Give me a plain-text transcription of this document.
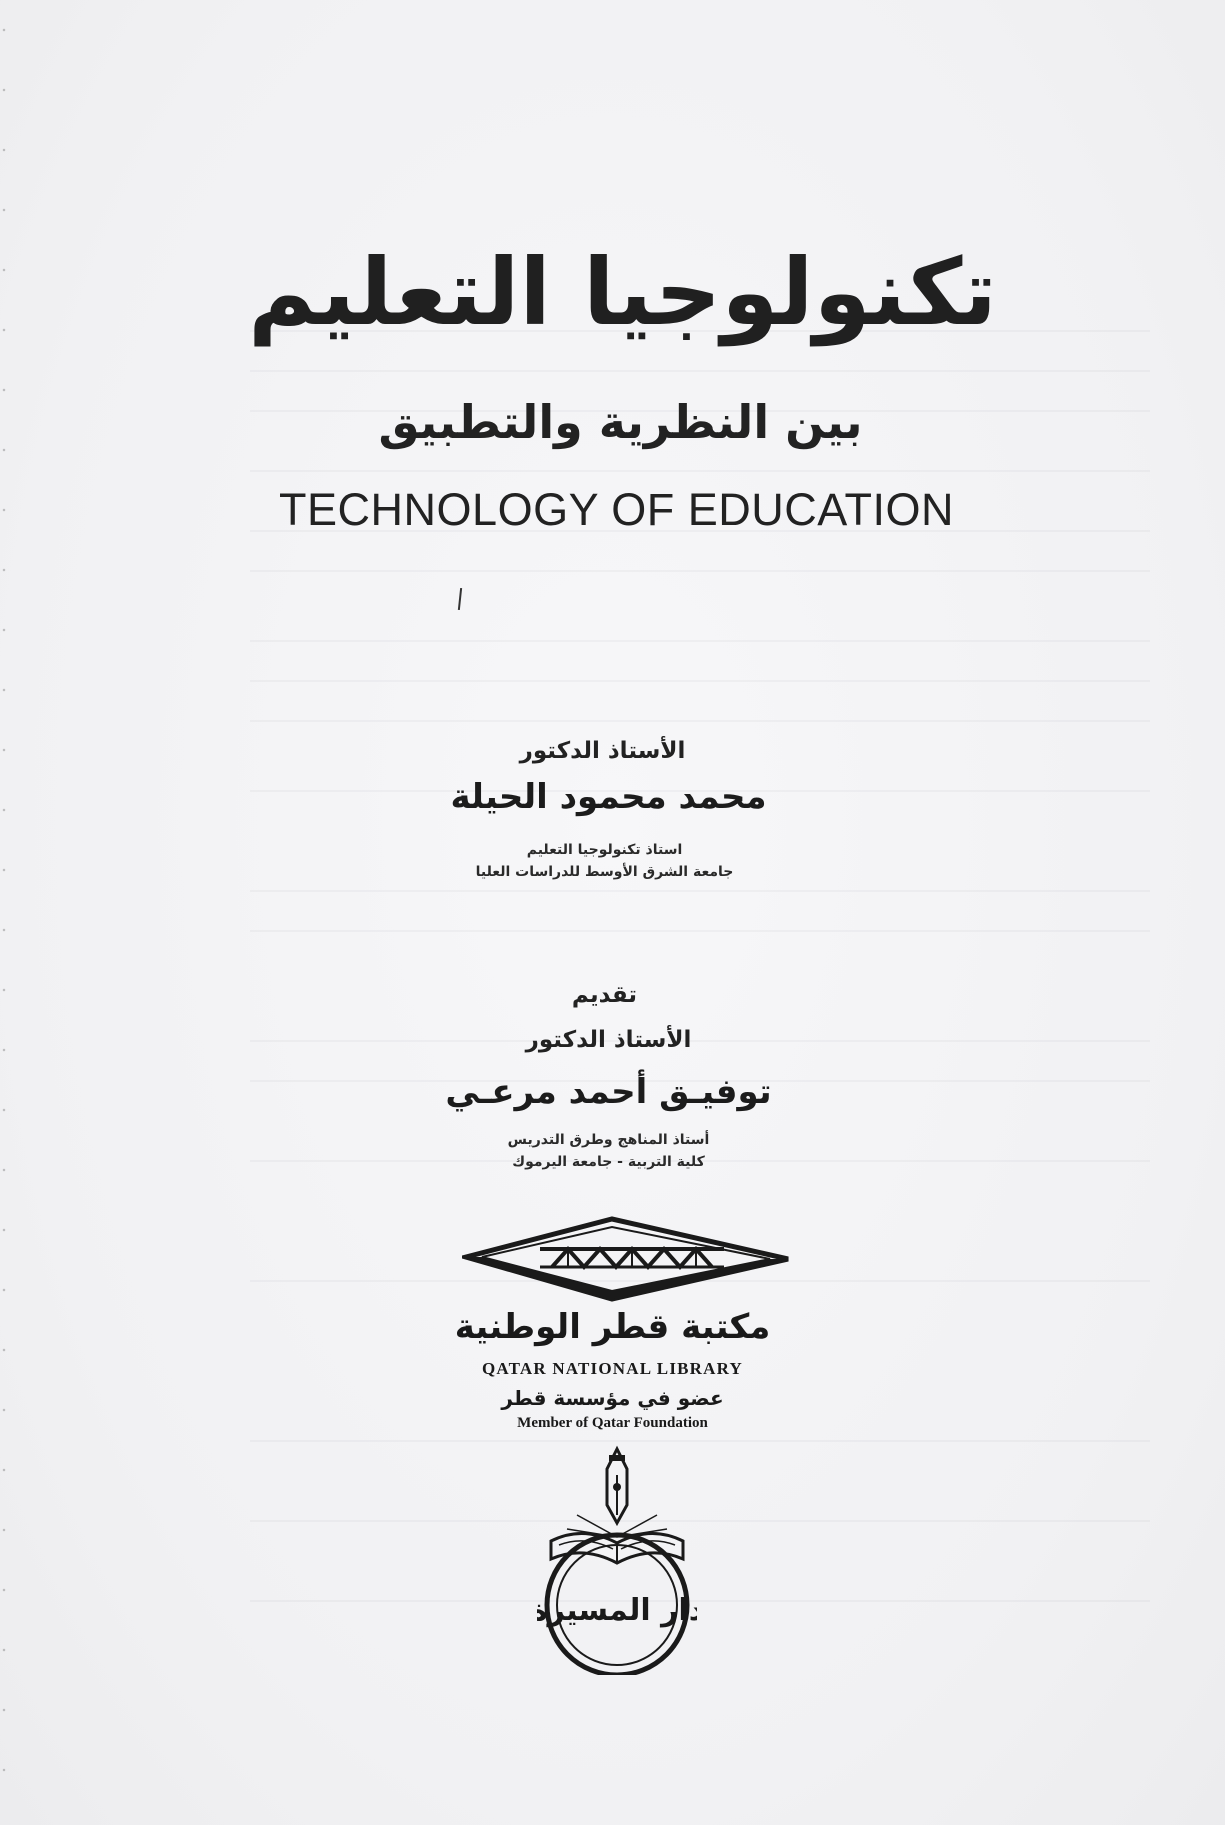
تكنولوجيا التعليم
بين النظرية والتطبيق
TECHNOLOGY OF EDUCATION
الأستاذ الدكتور
محمد محمود الحيلة
استاذ تكنولوجيا التعليم
جامعة الشرق الأوسط للدراسات العليا
تقديم
الأستاذ الدكتور
توفيـق أحمد مرعـي
أستاذ المناهج وطرق التدريس
كلية التربية - جامعة اليرموك
مكتبة قطر الوطنية
QATAR NATIONAL LIBRARY
عضو في مؤسسة قطر
Member of Qatar Foundation
دار المسيرة
